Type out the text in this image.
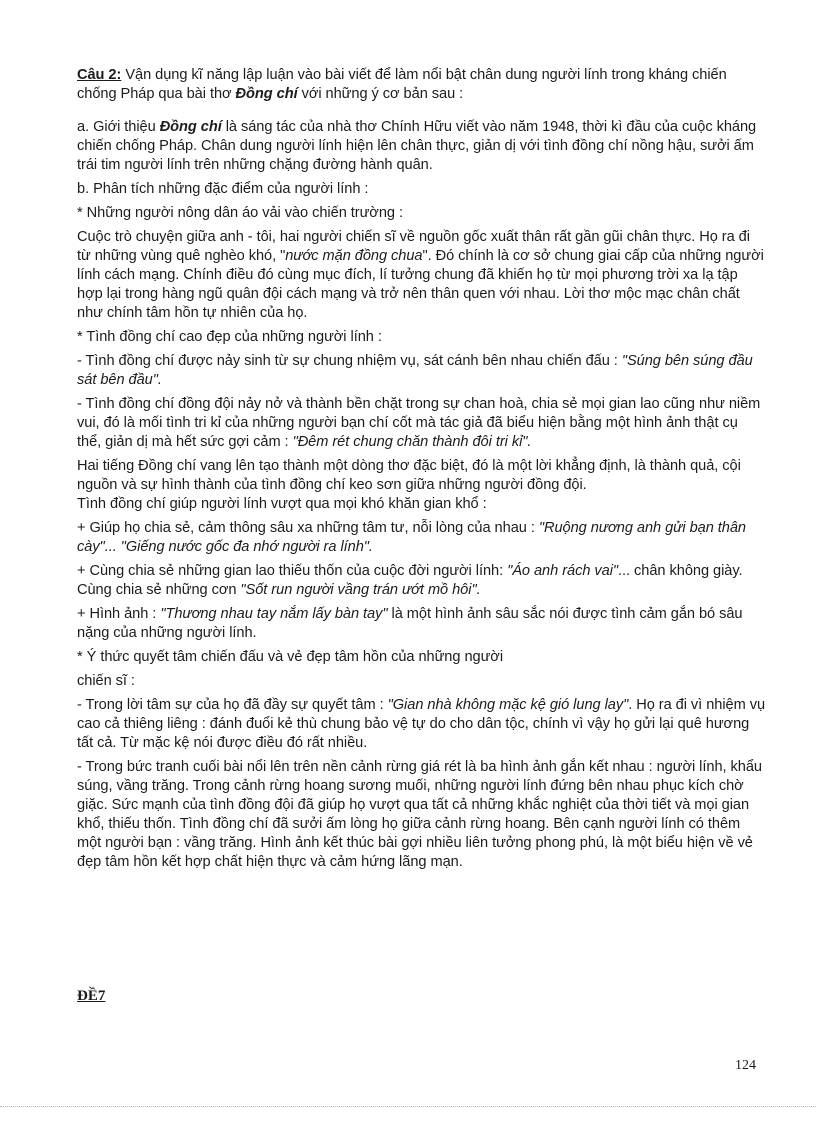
Câu 2: Vận dụng kĩ năng lập luận vào bài viết để làm nổi bật chân dung người lính trong kháng chiến chống Pháp qua bài thơ Đồng chí với những ý cơ bản sau :

a. Giới thiệu Đồng chí là sáng tác của nhà thơ Chính Hữu viết vào năm 1948, thời kì đầu của cuộc kháng chiến chống Pháp. Chân dung người lính hiện lên chân thực, giản dị với tình đồng chí nồng hậu, sưởi ấm trái tim người lính trên những chặng đường hành quân.

b. Phân tích những đặc điểm của người lính :

* Những người nông dân áo vải vào chiến trường :

Cuộc trò chuyện giữa anh - tôi, hai người chiến sĩ về nguồn gốc xuất thân rất gần gũi chân thực. Họ ra đi từ những vùng quê nghèo khó, "nước mặn đồng chua". Đó chính là cơ sở chung giai cấp của những người lính cách mạng. Chính điều đó cùng mục đích, lí tưởng chung đã khiến họ từ mọi phương trời xa lạ tập hợp lại trong hàng ngũ quân đội cách mạng và trở nên thân quen với nhau. Lời thơ mộc mạc chân chất như chính tâm hồn tự nhiên của họ.

* Tình đồng chí cao đẹp của những người lính :

- Tình đồng chí được nảy sinh từ sự chung nhiệm vụ, sát cánh bên nhau chiến đấu : "Súng bên súng đầu sát bên đầu".

- Tình đồng chí đồng đội nảy nở và thành bền chặt trong sự chan hoà, chia sẻ mọi gian lao cũng như niềm vui, đó là mối tình tri kỉ của những người bạn chí cốt mà tác giả đã biểu hiện bằng một hình ảnh thật cụ thể, giản dị mà hết sức gợi cảm : "Đêm rét chung chăn thành đôi tri kỉ".

Hai tiếng Đồng chí vang lên tạo thành một dòng thơ đặc biệt, đó là một lời khẳng định, là thành quả, cội nguồn và sự hình thành của tình đồng chí keo sơn giữa những người đồng đội.

Tình đồng chí giúp người lính vượt qua mọi khó khăn gian khổ :

+ Giúp họ chia sẻ, cảm thông sâu xa những tâm tư, nỗi lòng của nhau : "Ruộng nương anh gửi bạn thân cày"... "Giếng nước gốc đa nhớ người ra lính".

+ Cùng chia sẻ những gian lao thiếu thốn của cuộc đời người lính: "Áo anh rách vai"... chân không giày. Cùng chia sẻ những cơn "Sốt run người vầng trán ướt mồ hôi".

+ Hình ảnh : "Thương nhau tay nắm lấy bàn tay" là một hình ảnh sâu sắc nói được tình cảm gắn bó sâu nặng của những người lính.

* Ý thức quyết tâm chiến đấu và vẻ đẹp tâm hồn của những người

chiến sĩ :

- Trong lời tâm sự của họ đã đầy sự quyết tâm : "Gian nhà không mặc kệ gió lung lay". Họ ra đi vì nhiệm vụ cao cả thiêng liêng : đánh đuổi kẻ thù chung bảo vệ tự do cho dân tộc, chính vì vậy họ gửi lại quê hương tất cả. Từ mặc kệ nói được điều đó rất nhiều.

- Trong bức tranh cuối bài nổi lên trên nền cảnh rừng giá rét là ba hình ảnh gắn kết nhau : người lính, khẩu súng, vầng trăng. Trong cảnh rừng hoang sương muối, những người lính đứng bên nhau phục kích chờ giặc. Sức mạnh của tình đồng đội đã giúp họ vượt qua tất cả những khắc nghiệt của thời tiết và mọi gian khổ, thiếu thốn. Tình đồng chí đã sưởi ấm lòng họ giữa cảnh rừng hoang. Bên cạnh người lính có thêm một người bạn : vầng trăng. Hình ảnh kết thúc bài gợi nhiều liên tưởng phong phú, là một biểu hiện về vẻ đẹp tâm hồn kết hợp chất hiện thực và cảm hứng lãng mạn.

ĐỀ7
124
